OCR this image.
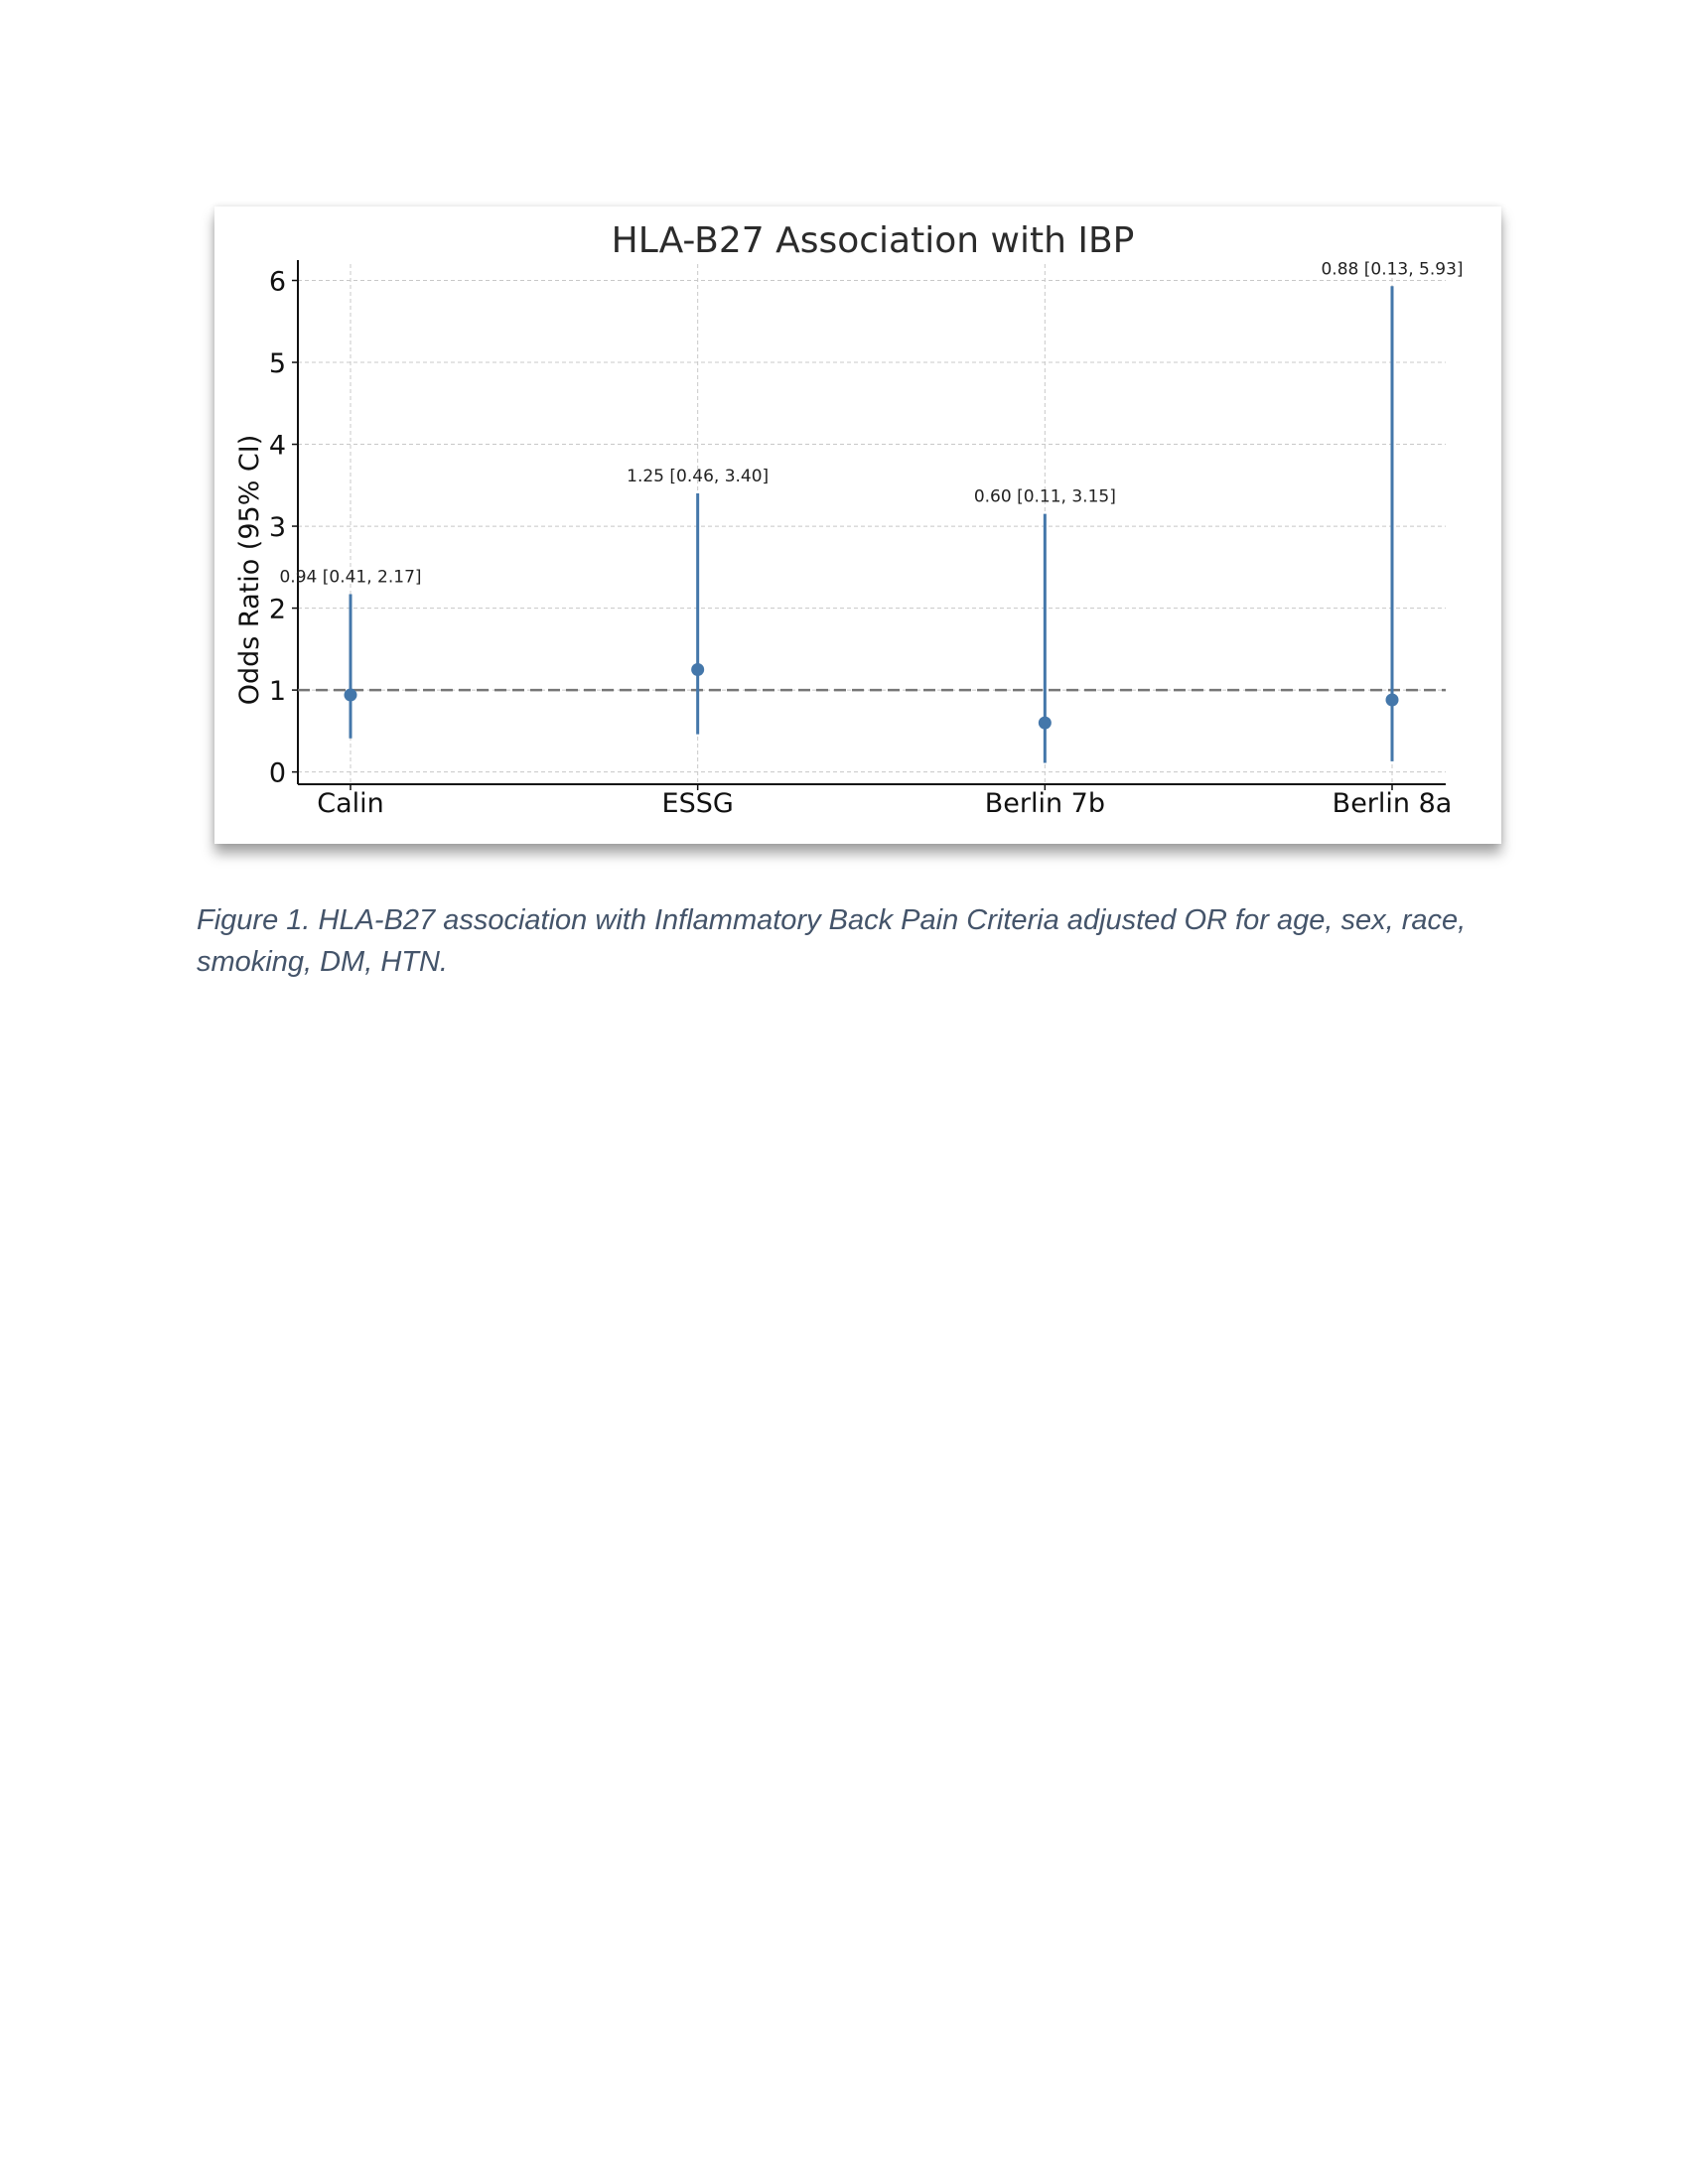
0
1
2
3
4
5
6
Calin	ESSG	Berlin 7b	Berlin 8a
0.94 [0.41, 2.17]
1.25 [0.46, 3.40]
0.60 [0.11, 3.15]
0.88 [0.13, 5.93]
HLA-B27 Association with IBP
Odds Ratio (95% CI)

Figure 1. HLA-B27 association with Inflammatory Back Pain Criteria adjusted OR for age, sex, race, smoking, DM, HTN.
